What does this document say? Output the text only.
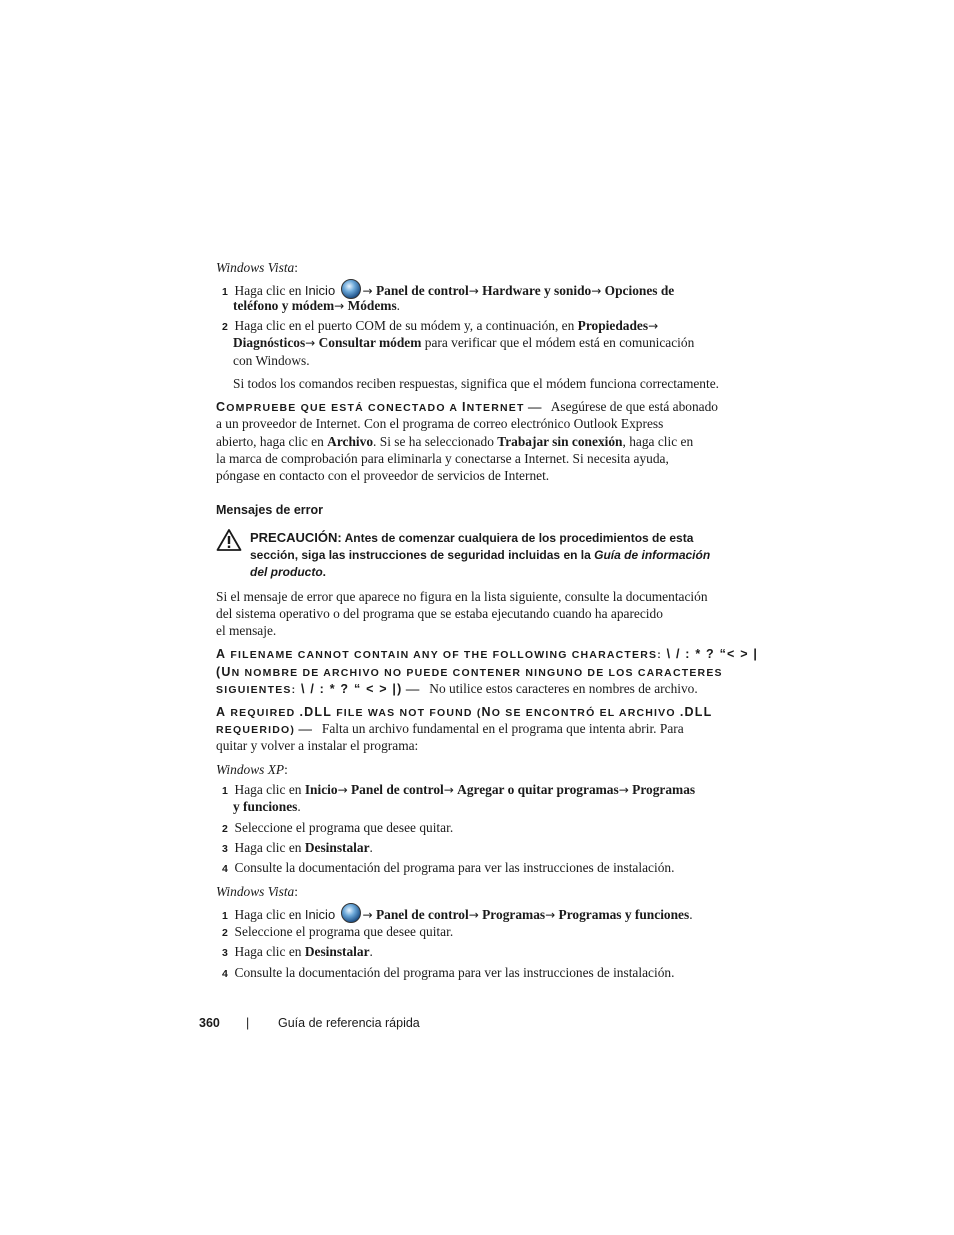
Windows Vista:
1 Haga clic en Inicio → Panel de control→ Hardware y sonido→ Opciones de
teléfono y módem→ Módems.
2 Haga clic en el puerto COM de su módem y, a continuación, en Propiedades→
Diagnósticos→ Consultar módem para verificar que el módem está en comunicación
con Windows.
Si todos los comandos reciben respuestas, significa que el módem funciona correctamente.
COMPRUEBE QUE ESTÁ CONECTADO A INTERNET — Asegúrese de que está abonado
a un proveedor de Internet. Con el programa de correo electrónico Outlook Express
abierto, haga clic en Archivo. Si se ha seleccionado Trabajar sin conexión, haga clic en
la marca de comprobación para eliminarla y conectarse a Internet. Si necesita ayuda,
póngase en contacto con el proveedor de servicios de Internet.
Mensajes de error
PRECAUCIÓN: Antes de comenzar cualquiera de los procedimientos de esta
sección, siga las instrucciones de seguridad incluidas en la Guía de información
del producto.
Si el mensaje de error que aparece no figura en la lista siguiente, consulte la documentación
del sistema operativo o del programa que se estaba ejecutando cuando ha aparecido
el mensaje.
A FILENAME CANNOT CONTAIN ANY OF THE FOLLOWING CHARACTERS: \ / : * ? “< > |
(UN NOMBRE DE ARCHIVO NO PUEDE CONTENER NINGUNO DE LOS CARACTERES
SIGUIENTES: \ / : * ? “ < > |) — No utilice estos caracteres en nombres de archivo.
A REQUIRED .DLL FILE WAS NOT FOUND (NO SE ENCONTRÓ EL ARCHIVO .DLL
REQUERIDO) — Falta un archivo fundamental en el programa que intenta abrir. Para
quitar y volver a instalar el programa:
Windows XP:
1 Haga clic en Inicio→ Panel de control→ Agregar o quitar programas→ Programas
y funciones.
2 Seleccione el programa que desee quitar.
3 Haga clic en Desinstalar.
4 Consulte la documentación del programa para ver las instrucciones de instalación.
Windows Vista:
1 Haga clic en Inicio → Panel de control→ Programas→ Programas y funciones.
2 Seleccione el programa que desee quitar.
3 Haga clic en Desinstalar.
4 Consulte la documentación del programa para ver las instrucciones de instalación.
360 | Guía de referencia rápida
